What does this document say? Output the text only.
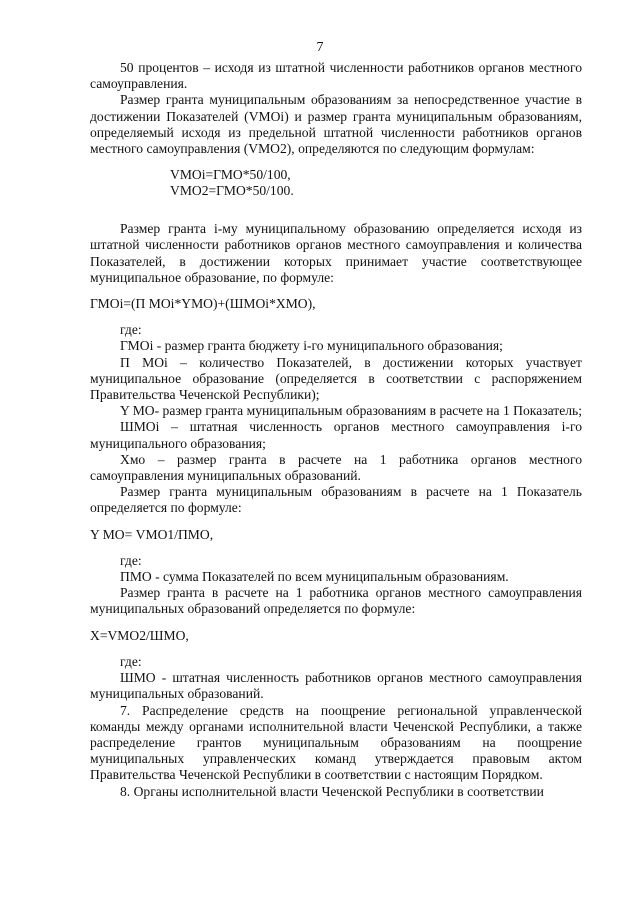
7

50 процентов – исходя из штатной численности работников органов местного самоуправления.

Размер гранта муниципальным образованиям за непосредственное участие в достижении Показателей (VМОі) и размер гранта муниципальным образованиям, определяемый исходя из предельной штатной численности работников органов местного самоуправления (VМО2), определяются по следующим формулам:

VМОі=ГМО*50/100,

VМО2=ГМО*50/100.

Размер гранта і-му муниципальному образованию определяется исходя из штатной численности работников органов местного самоуправления и количества Показателей, в достижении которых принимает участие соответствующее муниципальное образование, по формуле:

ГМОі=(П МОі*YМО)+(ШМОі*ХМО),

где:

ГМОі - размер гранта бюджету і-го муниципального образования;

П МОі – количество Показателей, в достижении которых участвует муниципальное образование (определяется в соответствии с распоряжением Правительства Чеченской Республики);

Y МО- размер гранта муниципальным образованиям в расчете на 1 Показатель;

ШМОі – штатная численность органов местного самоуправления і-го муниципального образования;

Хмо – размер гранта в расчете на 1 работника органов местного самоуправления муниципальных образований.

Размер гранта муниципальным образованиям в расчете на 1 Показатель определяется по формуле:

Y МО= VМО1/ПМО,

где:

ПМО - сумма Показателей по всем муниципальным образованиям.

Размер гранта в расчете на 1 работника органов местного самоуправления муниципальных образований определяется по формуле:

Х=VМО2/ШМО,

где:

ШМО - штатная численность работников органов местного самоуправления муниципальных образований.

7. Распределение средств на поощрение региональной управленческой команды между органами исполнительной власти Чеченской Республики, а также распределение грантов муниципальным образованиям на поощрение муниципальных управленческих команд утверждается правовым актом Правительства Чеченской Республики в соответствии с настоящим Порядком.

8. Органы исполнительной власти Чеченской Республики в соответствии
